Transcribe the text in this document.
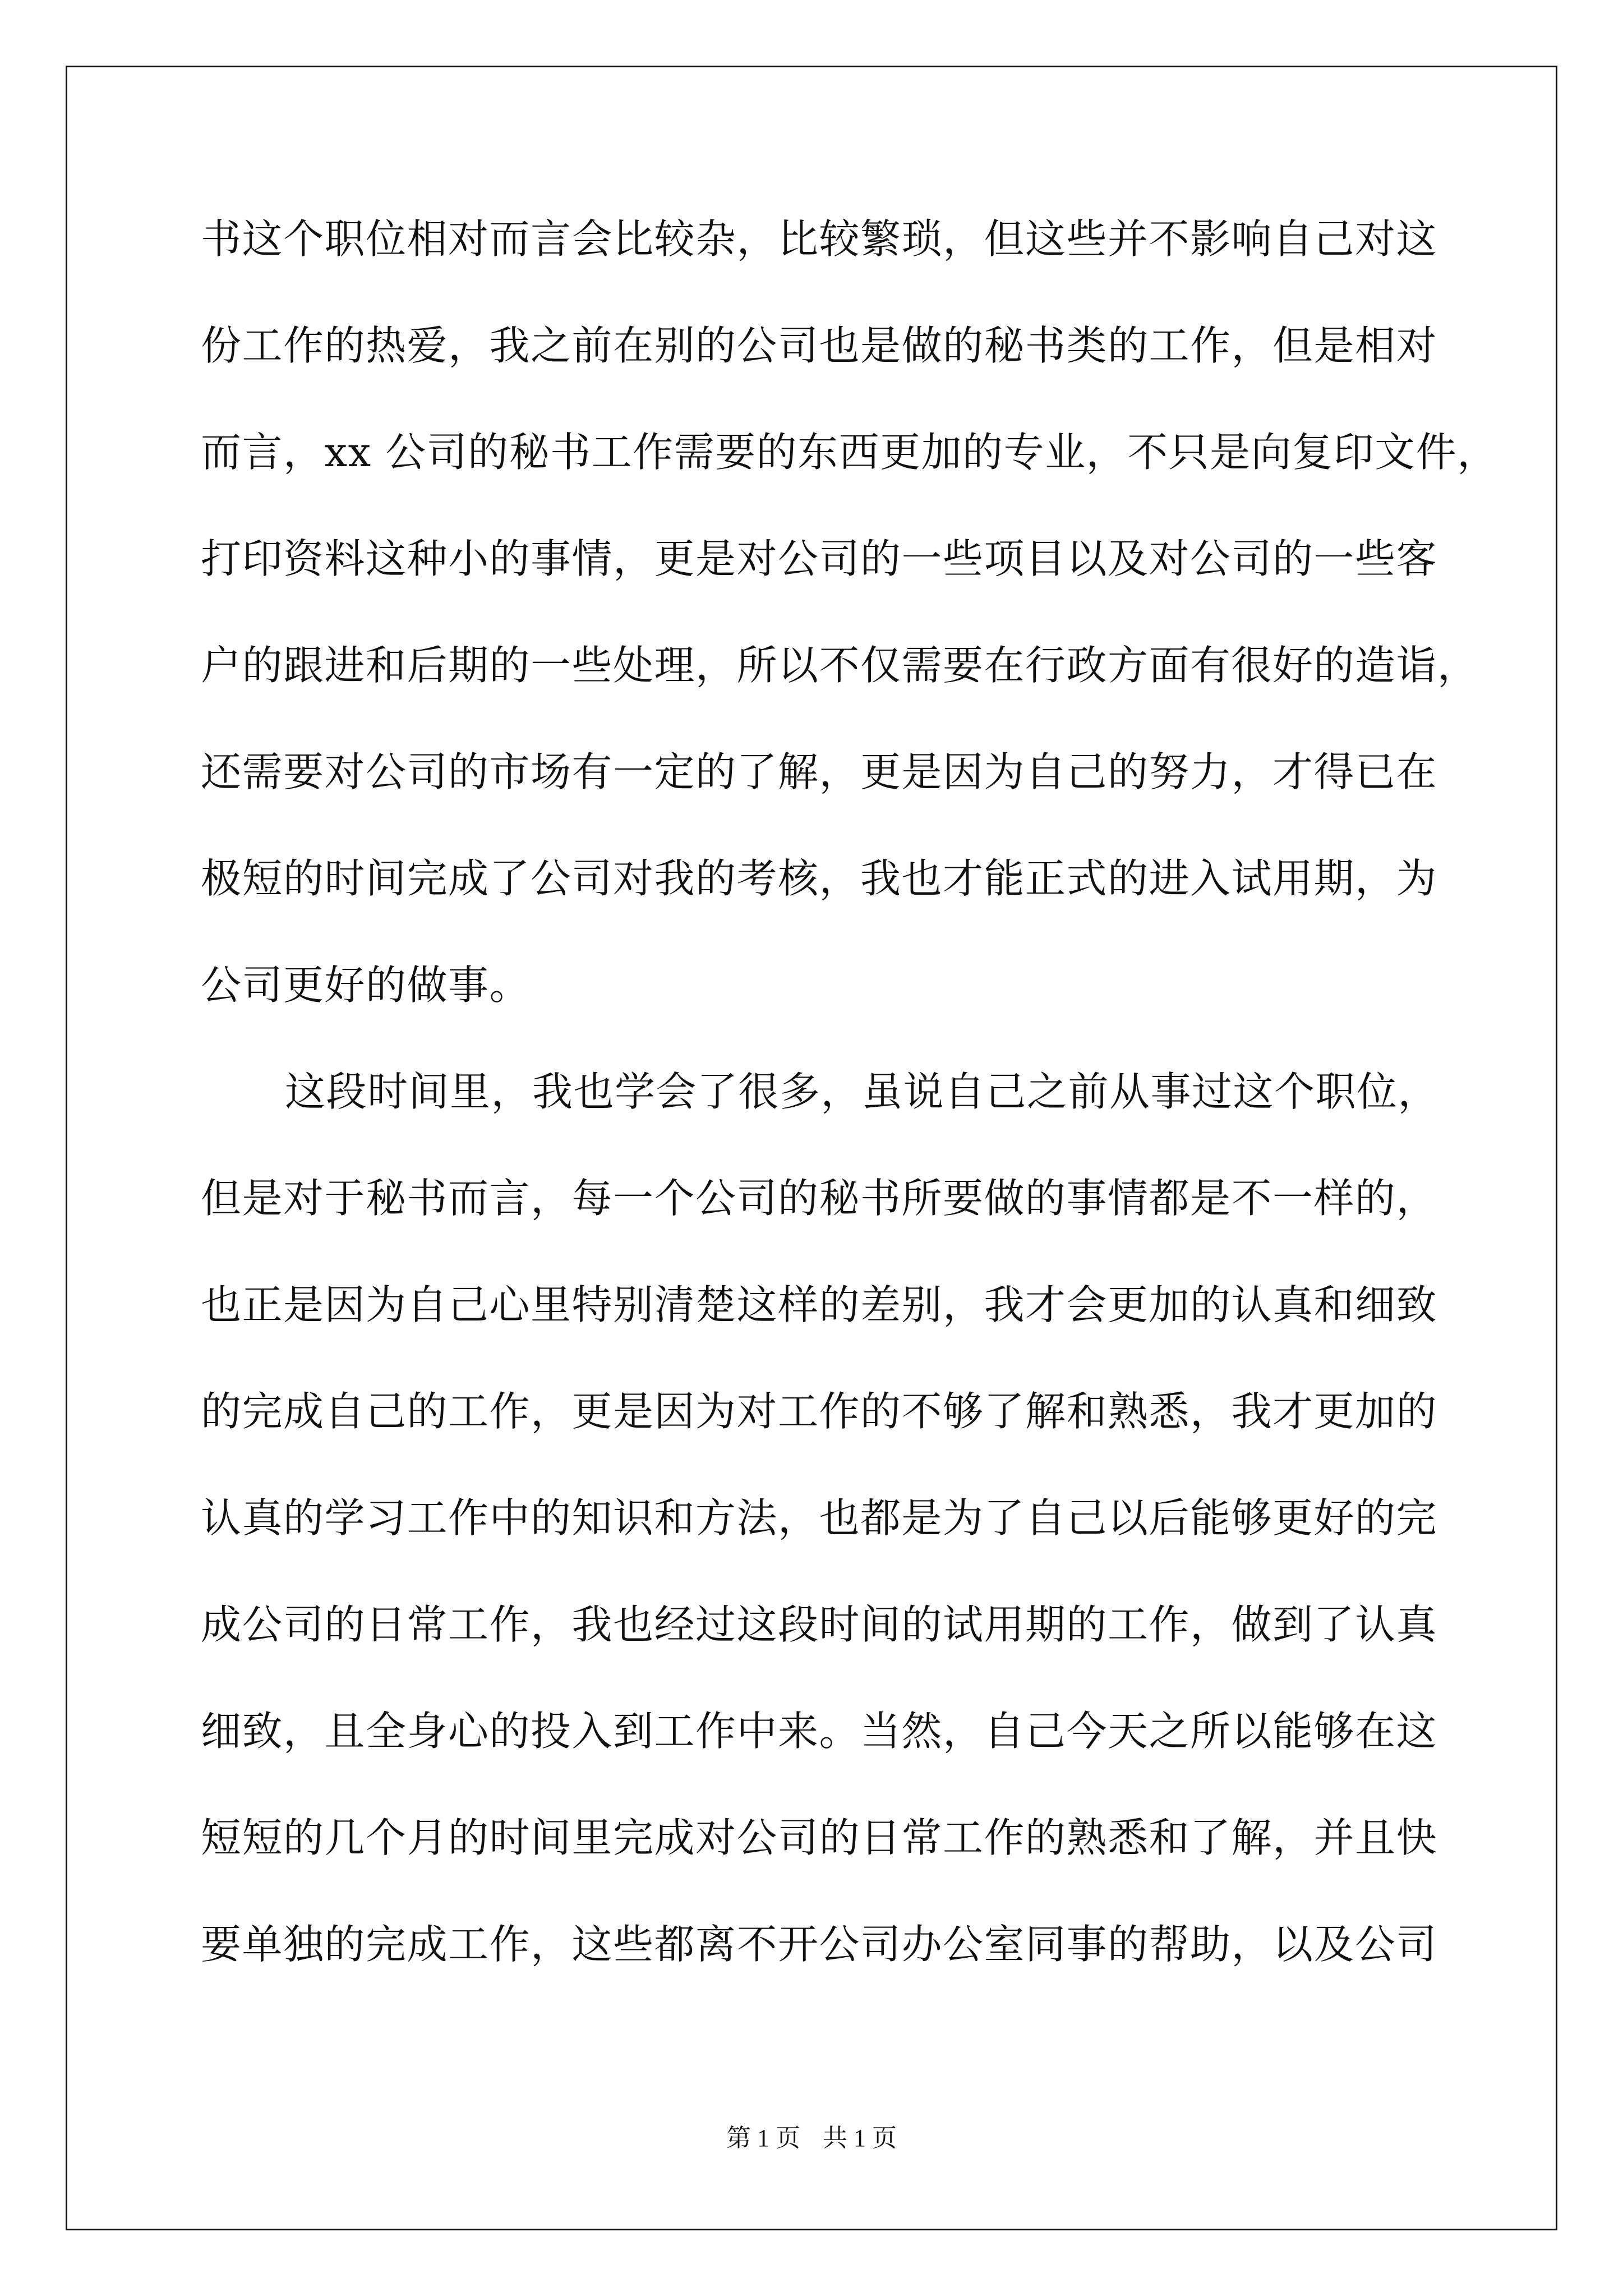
书这个职位相对而言会比较杂，比较繁琐，但这些并不影响自己对这
份工作的热爱，我之前在别的公司也是做的秘书类的工作，但是相对
而言，xx 公司的秘书工作需要的东西更加的专业，不只是向复印文件，
打印资料这种小的事情，更是对公司的一些项目以及对公司的一些客
户的跟进和后期的一些处理，所以不仅需要在行政方面有很好的造诣，
还需要对公司的市场有一定的了解，更是因为自己的努力，才得已在
极短的时间完成了公司对我的考核，我也才能正式的进入试用期，为
公司更好的做事。
这段时间里，我也学会了很多，虽说自己之前从事过这个职位，
但是对于秘书而言，每一个公司的秘书所要做的事情都是不一样的，
也正是因为自己心里特别清楚这样的差别，我才会更加的认真和细致
的完成自己的工作，更是因为对工作的不够了解和熟悉，我才更加的
认真的学习工作中的知识和方法，也都是为了自己以后能够更好的完
成公司的日常工作，我也经过这段时间的试用期的工作，做到了认真
细致，且全身心的投入到工作中来。当然，自己今天之所以能够在这
短短的几个月的时间里完成对公司的日常工作的熟悉和了解，并且快
要单独的完成工作，这些都离不开公司办公室同事的帮助，以及公司
第 1 页 共 1 页
